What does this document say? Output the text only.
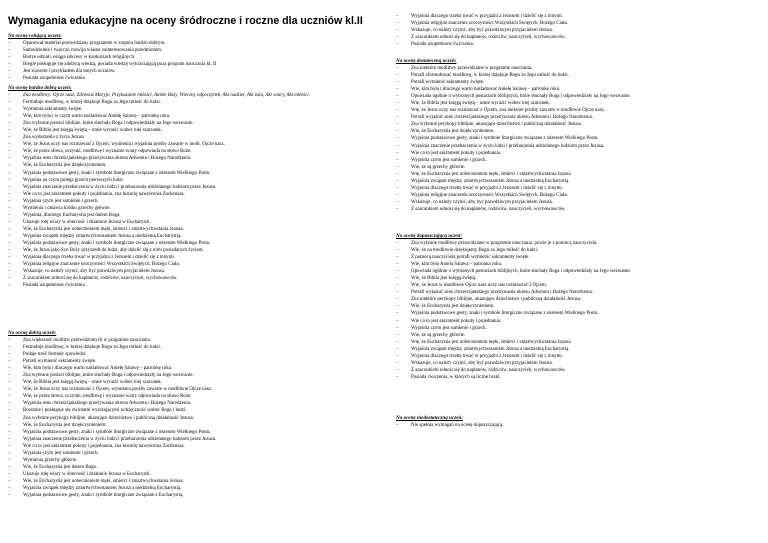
Wymagania edukacyjne na oceny śródroczne i roczne dla uczniów kl.II
Na ocenę celującą uczeń:
– Opanował materiał przewidziany programem w stopniu bardzo dobrym.
– Samodzielnie i twórczo rozwija własne zainteresowania przedmiotem.
– Bierze udział i osiąga sukcesy w konkursach religijnych.
– Biegle posługuje się zdobytą wiedzą, posiada wiedzę wykraczającą poza program nauczania kl. II
– Jest wzorem i przykładem dla innych uczniów.
– Posiada uzupełnione ćwiczenia.
Na ocenę bardzo dobrą uczeń:
– Zna modlitwy: Ojcze nasz, Zdrowaś Maryjo, Przykazanie miłości, Aniele Boży, Wieczny odpoczynek, Akt nadziei, Akt żalu, Akt wiary, Akt miłości.
– Formułuje modlitwę, w której dziękuje Bogu za Jego miłość do ludzi.
– Wymienia sakramenty święte.
– Wie, kim była i w czym warto naśladować Aniełę Salawę – patronkę roku.
– Zna wybrane postaci biblijne, które słuchały Boga i odpowiedziały na Jego wezwanie.
– Wie, że Biblia jest księgą świętą – umie wyrazić wobec niej szacunek.
– Zna wydarzenia z życia Jezusa
– Wie, że Jezus uczy nas rozmawiać z Ojcem, wymienia i wyjaśnia prośby zawarte w modl. Ojcze nasz.
– Wie, że przez słowa, uczynki, modlitwę i wyznanie wiary odpowiada na słowo Boże.
– Wyjaśnia sens chrześcijańskiego przeżywania okresu Adwentu i Bożego Narodzenia.
– Wie, że Eucharystia jest dziękczynieniem.
– Wyjaśnia podstawowe gesty, znaki i symbole liturgiczne związane z okresem Wielkiego Postu.
– Wyjaśnia na czym polega grzech pierwszych ludzi
– Wyjaśnia znaczenie przebaczenia w życiu ludzi i przebaczenia udzielanego ludziom przez Jezusa.
– Wie co to jest sakrament pokuty i pojednania, zna historię nawrócenia Zacheusza.
– Wyjaśnia czym jest sumienie i grzech.
– Wymienia i omawia krótko grzechy główne.
– Wyjaśnia, dlaczego Eucharystia jest darem Boga.
– Ukazuje rolę wiary w obecność i działanie Jezusa w Eucharystii.
– Wie, że Eucharystia jest uobecnieniem męki, śmierci i zmartwychwstania Jezusa.
– Wyjaśnia związek między zmartwychwstaniem Jezusa a niedzielną Eucharystią.
– Wyjaśnia podstawowe gesty, znaki i symbole liturgiczne związane z okresem Wielkiego Postu.
– Wie, że Jezus jako Syn Boży przyszedł do ludzi, aby dzielić się z nimi posiadanym życiem.
– Wyjaśnia dlaczego trzeba trwać w przyjaźni z Jezusem i dzielić się z innymi.
– Wyjaśnia religijne znaczenie uroczystości Wszystkich Świętych, Bożego Ciała.
– Wskazuje, co należy czynić, aby być prawdziwym przyjacielem Jezusa.
– Z szacunkiem odnosi się do kapłanów, rodziców, nauczycieli, wychowawców.
– Posiada uzupełnione ćwiczenia.
Na ocenę dobrą uczeń:
– Zna większość modlitw przewidzianych w programie nauczania.
– Formułuje modlitwę, w której dziękuje Bogu za Jego miłość do ludzi.
– Podaje treść formuły spowiedzi.
– Potrafi wymienić sakramenty święte.
– Wie, kim była i dlaczego warto naśladować Aniełę Salawę – patronkę roku.
– Zna wybrane postaci biblijne, które słuchały Boga i odpowiedziały na Jego wezwanie.
– Wie, że Biblia jest księgą świętą – umie wyrazić wobec niej szacunek.
– Wie, że Jezus uczy nas rozmawiać z Ojcem, wymienia prośby zawarte w modlitwie Ojcze nasz.
– Wie, że przez słowa, uczynki, modlitwę i wyznanie wiary odpowiada na słowo Boże.
– Wyjaśnia sens chrześcijańskiego przeżywania okresu Adwentu i Bożego Narodzenia.
– Rozumie i posługuje się zwrotami wyrażającymi wdzięczność wobec Boga i ludzi.
– Zna wybrane perykopy biblijne, ukazujące dzieciństwo i publiczną działalność Jezusa.
– Wie, że Eucharystia jest dziękczynieniem.
– Wyjaśnia podstawowe gesty, znaki i symbole liturgiczne związane z okresem Wielkiego Postu.
– Wyjaśnia znaczenie przebaczenia w życiu ludzi i przebaczenia udzielanego ludziom przez Jezusa.
– Wie co to jest sakrament pokuty i pojednania, zna historię nawrócenia Zacheusza.
– Wyjaśnia czym jest sumienie i grzech.
– Wymienia grzechy główne.
– Wie, że Eucharystia jest darem Boga.
– Ukazuje rolę wiary w obecność i działanie Jezusa w Eucharystii.
– Wie, że Eucharystia jest uobecnieniem męki, śmierci i zmartwychwstania Jezusa.
– Wyjaśnia związek między zmartwychwstaniem Jezusa a niedzielną Eucharystią.
– Wyjaśnia podstawowe gesty, znaki i symbole liturgiczne związane z Eucharystią.
– Wyjaśnia dlaczego trzeba trwać w przyjaźni z Jezusem i dzielić się z innymi.
– Wyjaśnia religijne znaczenie uroczystości Wszystkich Świętych, Bożego Ciała.
– Wskazuje, co należy czynić, aby być prawdziwym przyjacielem Jezusa.
– Z szacunkiem odnosi się do kapłanów, rodziców, nauczycieli, wychowawców.
– Posiada uzupełnione ćwiczenia.
Na ocenę dostateczną uczeń:
– Zna niektóre modlitwy przewidziane w programie nauczania.
– Potrafi sformułować modlitwę, w której dziękuje Bogu za Jego miłość do ludzi.
– Potrafi wymienić sakramenty święte.
– Wie, kim była i dlaczego warto naśladować Aniełę Salawę – patronkę roku.
– Opowiada ogólnie o wybranych postaciach biblijnych, które słuchały Boga i odpowiedziały na Jego wezwanie.
– Wie, że Biblia jest księgą świętą – umie wyrazić wobec niej szacunek.
– Wie, że Jezus uczy nas rozmawiać z Ojcem, zna niektóre prośby zawarte w modlitwie Ojcze nasz.
– Potrafi wyjaśnić sens chrześcijańskiego przeżywania okresu Adwentu i Bożego Narodzenia.
– Zna wybrane perykopy biblijne, ukazujące dzieciństwo i publiczną działalność Jezusa.
– Wie, że Eucharystia jest dziękczynieniem.
– Wyjaśnia podstawowe gesty, znaki i symbole liturgiczne związane z okresem Wielkiego Postu.
– Wyjaśnia znaczenie przebaczenia w życiu ludzi i przebaczenia udzielanego ludziom przez Jezusa.
– Wie co to jest sakrament pokuty i pojednania.
– Wyjaśnia czym jest sumienie i grzech.
– Wie, że są grzechy główne.
– Wie, że Eucharystia jest uobecnieniem męki, śmierci i zmartwychwstania Jezusa.
– Wyjaśnia związek między zmartwychwstaniem Jezusa a niedzielną Eucharystią.
– Wyjaśnia dlaczego trzeba trwać w przyjaźni z Jezusem i dzielić się z innymi.
– Wyjaśnia religijne znaczenie uroczystości Wszystkich Świętych, Bożego Ciała.
– Wskazuje, co należy czynić, aby być prawdziwym przyjacielem Jezusa.
– Z szacunkiem odnosi się do kapłanów, rodziców, nauczycieli, wychowawców.
Na ocenę dopuszczającą uczeń:
– Zna wybrane modlitwy przewidziane w programie nauczania, powie je z pomocą nauczyciela.
– Wie, że na modlitwie dziękujemy Bogu za Jego miłość do ludzi.
– Z pomocą nauczyciela potrafi wymienić sakramenty święte.
– Wie, kim była Aniela Salawa – patronka roku.
– Opowiada ogólnie o wybranych postaciach biblijnych, które słuchały Boga i odpowiedziały na Jego wezwanie.
– Wie, że Biblia jest księgą świętą.
– Wie, że Jezus w modlitwie Ojcze nasz uczy nas rozmawiać z Ojcem.
– Potrafi wyjaśnić sens chrześcijańskiego przeżywania okresu Adwentu i Bożego Narodzenia.
– Zna niektóre perykopy biblijne, ukazujące dzieciństwo i publiczną działalność Jezusa.
– Wie, że Eucharystia jest dziękczynieniem.
– Wyjaśnia podstawowe gesty, znaki i symbole liturgiczne związane z okresem Wielkiego Postu.
– Wie co to jest sakrament pokuty i pojednania.
– Wyjaśnia czym jest sumienie i grzech.
– Wie, że są grzechy główne.
– Wie, że Eucharystia jest uobecnieniem męki, śmierci i zmartwychwstania Jezusa.
– Wyjaśnia związek między zmartwychwstaniem Jezusa a niedzielną Eucharystią.
– Wyjaśnia dlaczego trzeba trwać w przyjaźni z Jezusem i dzielić się z innymi.
– Wskazuje, co należy czynić, aby być prawdziwym przyjacielem Jezusa.
– Z szacunkiem odnosi się do kapłanów, rodziców, nauczycieli, wychowawców.
– Posiada ćwiczenia, w których są liczne braki.
Na ocenę niedostateczną uczeń:
– Nie spełnia wymagań na ocenę dopuszczającą.
